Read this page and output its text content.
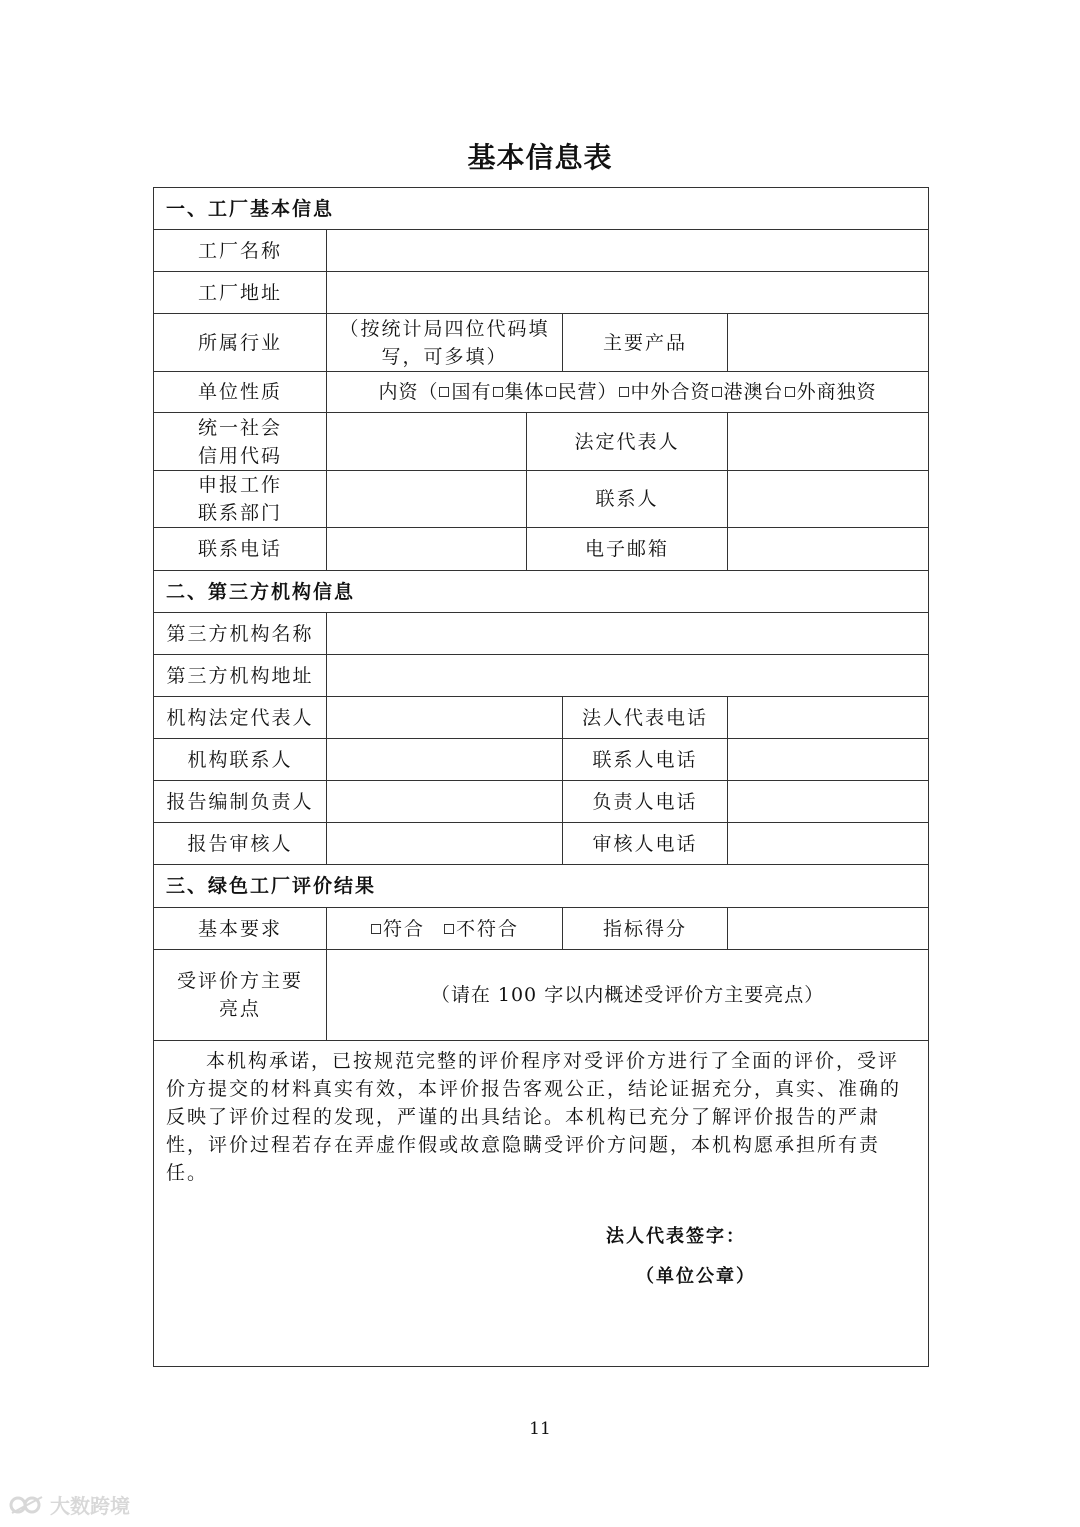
基本信息表
一、工厂基本信息				
工厂名称				
工厂地址				
所属行业	（按统计局四位代码填写，可多填）		主要产品	
单位性质	内资（ 国有 集体 民营） 中外合资 港澳台 外商独资			

统一社会
信用代码		法定代表人		

申报工作
联系部门		联系人		
联系电话		电子邮箱		
二、第三方机构信息				
第三方机构名称				
第三方机构地址				
机构法定代表人			法人代表电话	
机构联系人			联系人电话	
报告编制负责人			负责人电话	
报告审核人			审核人电话	
三、绿色工厂评价结果				
基本要求	符合 不符合		指标得分	

受评价方主要
亮点	（请在 100 字以内概述受评价方主要亮点）			

本机构承诺，已按规范完整的评价程序对受评价方进行了全面的评价，受评价方提交的材料真实有效，本评价报告客观公正，结论证据充分，真实、准确的反映了评价过程的发现，严谨的出具结论。本机构已充分了解评价报告的严肃性，评价过程若存在弄虚作假或故意隐瞒受评价方问题，本机构愿承担所有责任。
法人代表签字：
（单位公章）				
11
大数跨境
